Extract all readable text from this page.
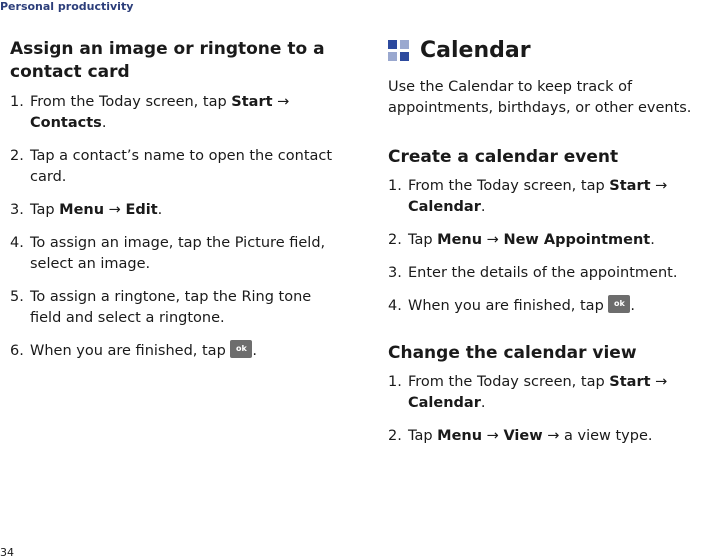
Personal productivity
Assign an image or ringtone to a contact card
1. From the Today screen, tap Start → Contacts.
2. Tap a contact’s name to open the contact card.
3. Tap Menu → Edit.
4. To assign an image, tap the Picture field, select an image.
5. To assign a ringtone, tap the Ring tone field and select a ringtone.
6. When you are finished, tap ok .
Calendar

Use the Calendar to keep track of appointments, birthdays, or other events.

Create a calendar event
1. From the Today screen, tap Start → Calendar.
2. Tap Menu → New Appointment.
3. Enter the details of the appointment.
4. When you are finished, tap ok .
Change the calendar view
1. From the Today screen, tap Start → Calendar.
2. Tap Menu → View → a view type.
34
